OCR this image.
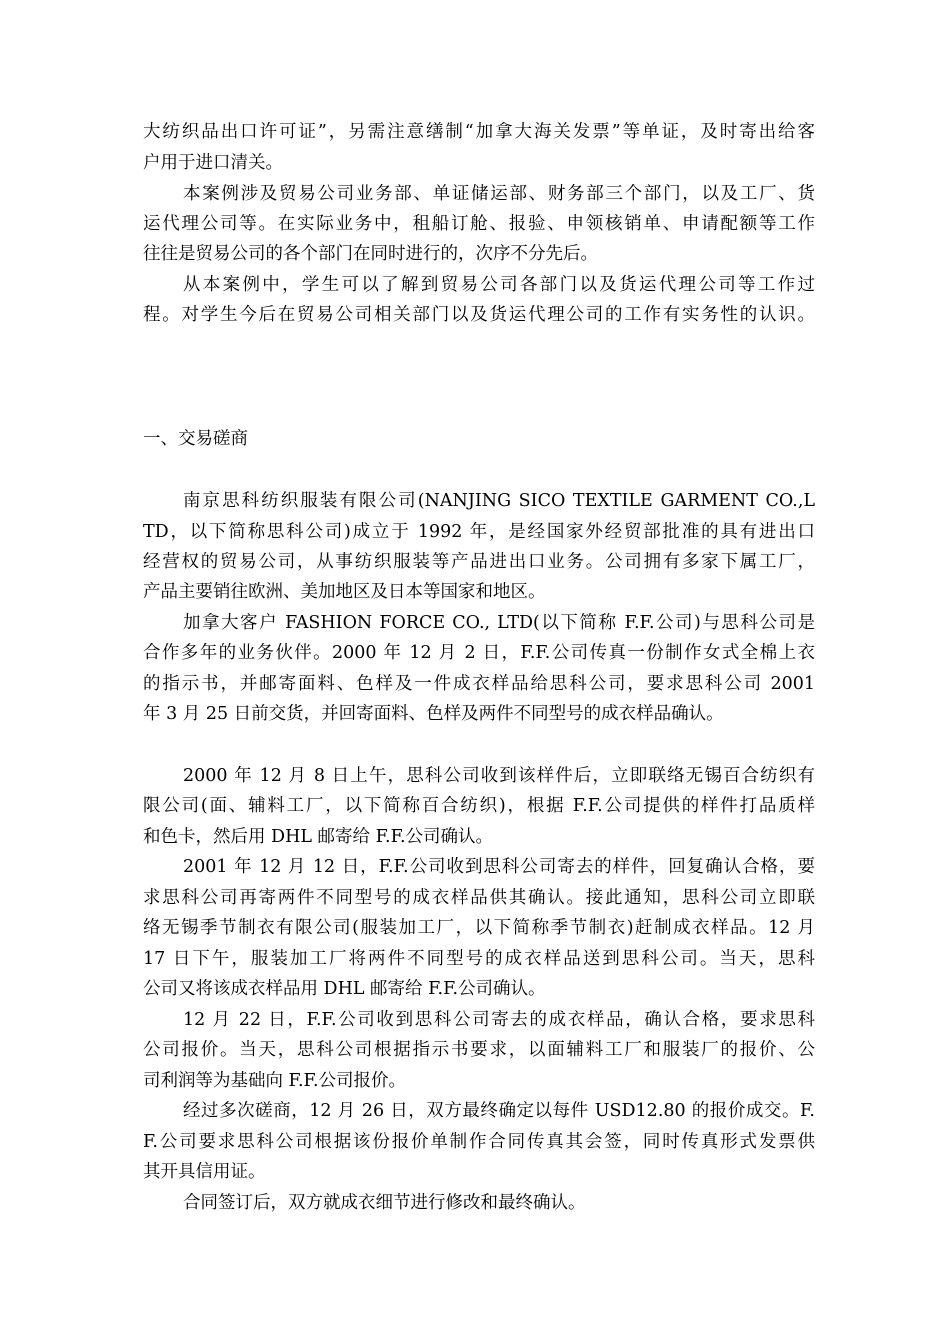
大纺织品出口许可证”，另需注意缮制“加拿大海关发票”等单证，及时寄出给客
户用于进口清关。
本案例涉及贸易公司业务部、单证储运部、财务部三个部门，以及工厂、货
运代理公司等。在实际业务中，租船订舱、报验、申领核销单、申请配额等工作
往往是贸易公司的各个部门在同时进行的，次序不分先后。
从本案例中，学生可以了解到贸易公司各部门以及货运代理公司等工作过
程。对学生今后在贸易公司相关部门以及货运代理公司的工作有实务性的认识。
一、交易磋商
南京思科纺织服装有限公司(NANJING SICO TEXTILE GARMENT CO.,L
TD，以下简称思科公司)成立于 1992 年，是经国家外经贸部批准的具有进出口
经营权的贸易公司，从事纺织服装等产品进出口业务。公司拥有多家下属工厂，
产品主要销往欧洲、美加地区及日本等国家和地区。
加拿大客户 FASHION FORCE CO., LTD(以下简称 F.F.公司)与思科公司是
合作多年的业务伙伴。2000 年 12 月 2 日，F.F.公司传真一份制作女式全棉上衣
的指示书，并邮寄面料、色样及一件成衣样品给思科公司，要求思科公司 2001
年 3 月 25 日前交货，并回寄面料、色样及两件不同型号的成衣样品确认。
2000 年 12 月 8 日上午，思科公司收到该样件后，立即联络无锡百合纺织有
限公司(面、辅料工厂，以下简称百合纺织)，根据 F.F.公司提供的样件打品质样
和色卡，然后用 DHL 邮寄给 F.F.公司确认。
2001 年 12 月 12 日，F.F.公司收到思科公司寄去的样件，回复确认合格，要
求思科公司再寄两件不同型号的成衣样品供其确认。接此通知，思科公司立即联
络无锡季节制衣有限公司(服装加工厂，以下简称季节制衣)赶制成衣样品。12 月
17 日下午，服装加工厂将两件不同型号的成衣样品送到思科公司。当天，思科
公司又将该成衣样品用 DHL 邮寄给 F.F.公司确认。
12 月 22 日，F.F.公司收到思科公司寄去的成衣样品，确认合格，要求思科
公司报价。当天，思科公司根据指示书要求，以面辅料工厂和服装厂的报价、公
司利润等为基础向 F.F.公司报价。
经过多次磋商，12 月 26 日，双方最终确定以每件 USD12.80 的报价成交。F.
F.公司要求思科公司根据该份报价单制作合同传真其会签，同时传真形式发票供
其开具信用证。
合同签订后，双方就成衣细节进行修改和最终确认。
